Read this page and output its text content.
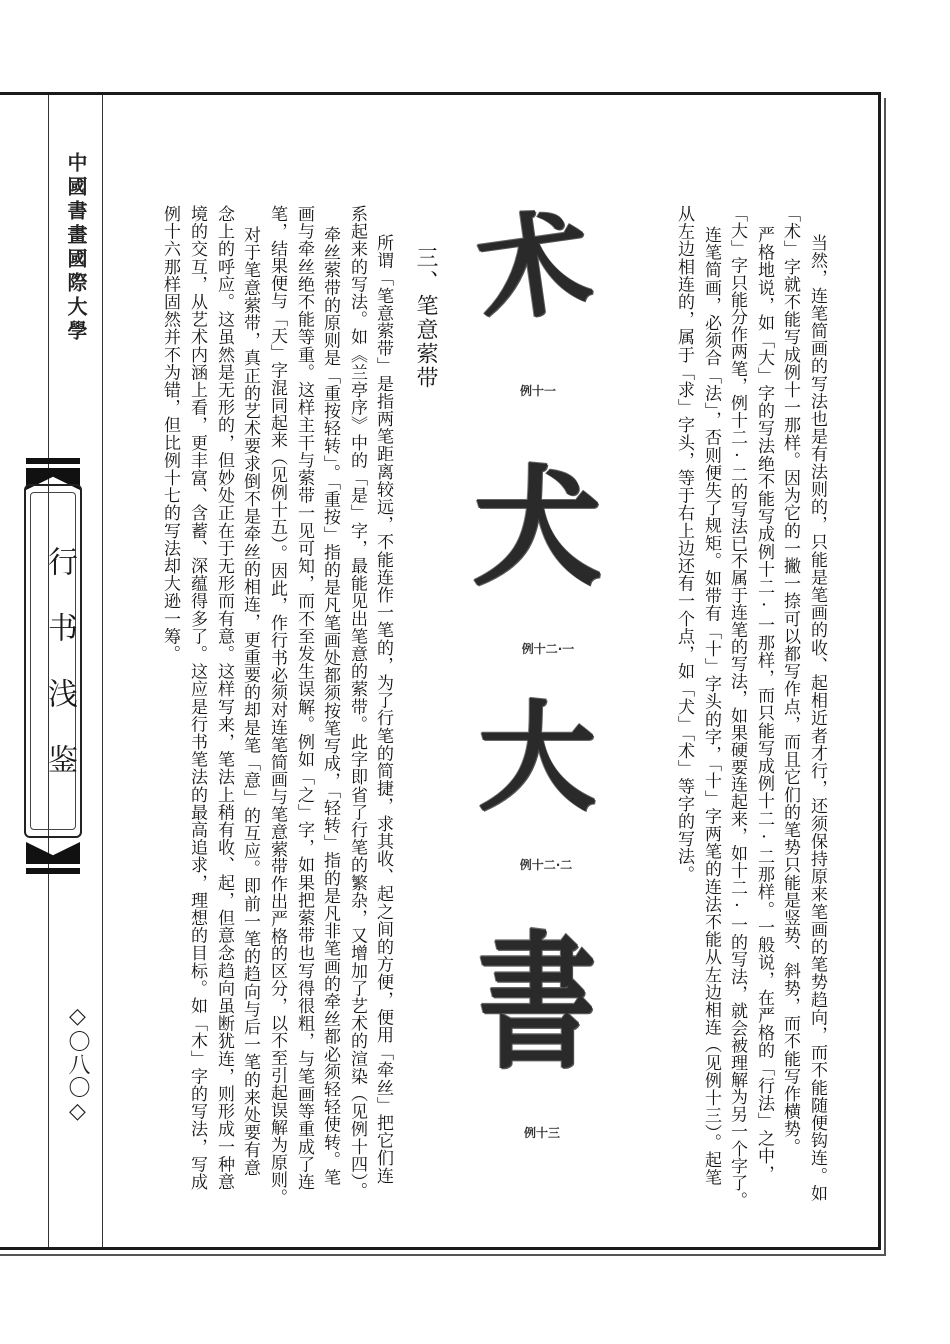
中國書畫國際大學
行书浅鉴
◇〇八〇◇	当然，连笔简画的写法也是有法则的，只能是笔画的收、起相近者才行，还须保持原来笔画的笔势趋向，而不能随便钩连。如
「术」字就不能写成例十一那样。因为它的一撇一捺可以都写作点，而且它们的笔势只能是竖势、斜势，而不能写作横势。
严格地说，如「大」字的写法绝不能写成例十二·一那样，而只能写成例十二·二那样。一般说，在严格的「行法」之中，
「大」字只能分作两笔，例十二·二的写法已不属于连笔的写法，如果硬要连起来，如十二·一的写法，就会被理解为另一个字了。
连笔简画，必须合「法」，否则便失了规矩。如带有「十」字头的字，「十」字两笔的连法不能从左边相连（见例十三）。起笔
从左边相连的，属于「求」字头，等于右上边还有一个点，如「犬」「术」等字的写法。
术
例十一
犬
例十二·一
大
例十二·二
書
例十三
三、笔意萦带
所谓「笔意萦带」是指两笔距离较远，不能连作一笔的，为了行笔的简捷，求其收、起之间的方便，便用「牵丝」把它们连
系起来的写法。如《兰亭序》中的「是」字，最能见出笔意的萦带。此字即省了行笔的繁杂，又增加了艺术的渲染（见例十四）。
牵丝萦带的原则是「重按轻转」。「重按」指的是凡笔画处都须按笔写成，「轻转」指的是凡非笔画的牵丝都必须轻轻使转。笔
画与牵丝绝不能等重。这样主干与萦带一见可知，而不至发生误解。例如「之」字，如果把萦带也写得很粗，与笔画等重成了连
笔，结果便与「天」字混同起来（见例十五）。因此，作行书必须对连笔简画与笔意萦带作出严格的区分，以不至引起误解为原则。
对于笔意萦带，真正的艺术要求倒不是牵丝的相连，更重要的却是笔「意」的互应。即前一笔的趋向与后一笔的来处要有意
念上的呼应。这虽然是无形的，但妙处正在于无形而有意。这样写来，笔法上稍有收、起，但意念趋向虽断犹连，则形成一种意
境的交互，从艺术内涵上看，更丰富、含蓄、深蕴得多了。这应是行书笔法的最高追求，理想的目标。如「木」字的写法，写成
例十六那样固然并不为错，但比例十七的写法却大逊一筹。
